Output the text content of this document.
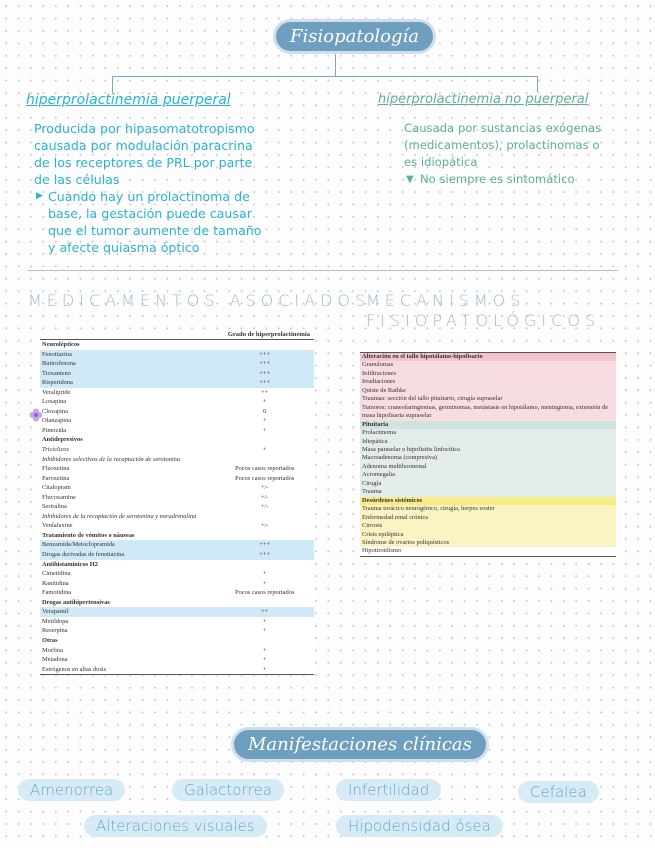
Fisiopatología
hiperprolactinemia puerperal
Producida por hipasomatotropismo
causada por modulación paracrina
de los receptores de PRL por parte
de las células
▶ Cuando hay un prolactinoma de
base, la gestación puede causar
que el tumor aumente de tamaño
y afecte quiasma óptico
hiperprolactinemia no puerperal
Causada por sustancias exógenas
(medicamentos), prolactinomas o
es idiopática
▼ No siempre es sintomático
MEDICAMENTOS ASOCIADOS
Grado de hiperprolactinemia
Neurolépticos	
Fenotiazina	+++
Butirofenona	+++
Tioxanteno	+++
Risperidona	+++
Veralipride	++
Loxapina	+
Clozapina	0
Olanzapina	+
Pimozida	+
Antidepresivos	
Tricíclicos	+
Inhibidores selectivos de la recaptación de serotonina	
Fluoxetina	Pocos casos reportados
Paroxetina	Pocos casos reportados
Citalopram	+/-
Fluvoxamine	+/-
Sertralina	+/-
Inhibidores de la recaptación de serotonina y noradrenalina	
Venlafaxine	+/-
Tratamiento de vómitos o náuseas	
Benzamida/Metoclopramida	+++
Drogas derivadas de fenotiazina	+++
Antihistamínicos H2	
Cimetidina	+
Ranitidina	+
Famotidina	Pocos casos reportados
Drogas antihipertensivas	
Verapamil	++
Metildopa	+
Reserpina	+
Otras	
Morfina	+
Metadona	+
Estrógenos en altas dosis	+
MECANISMOS
FISIOPATOLÓGICOS
Alteración en el tallo hipotálamo-hipofisario
Granulomas
Infiltraciones
Irradiaciones
Quiste de Rathke
Traumas: sección del tallo pituitario, cirugía supraselar
Tumores: craneofaringiomas, germinomas, metástasis en hipotálamo, meningioma, extensión de masa hipofisaria supraselar
Pituitaria
Prolactinoma
Idiopática
Masa paraselar o hipofisitis linfocítica
Macroadenoma (compresiva)
Adenoma multihormonal
Acromegalia
Cirugía
Trauma
Desórdenes sistémicos
Trauma torácico neurogénico, cirugía, herpes zoster
Enfermedad renal crónica
Cirrosis
Crisis epiléptica
Síndrome de ovarios poliquísticos
Hipotiroidismo
Manifestaciones clínicas
Amenorrea	Galactorrea	Infertilidad	Cefalea
Alteraciones visuales	Hipodensidad ósea
